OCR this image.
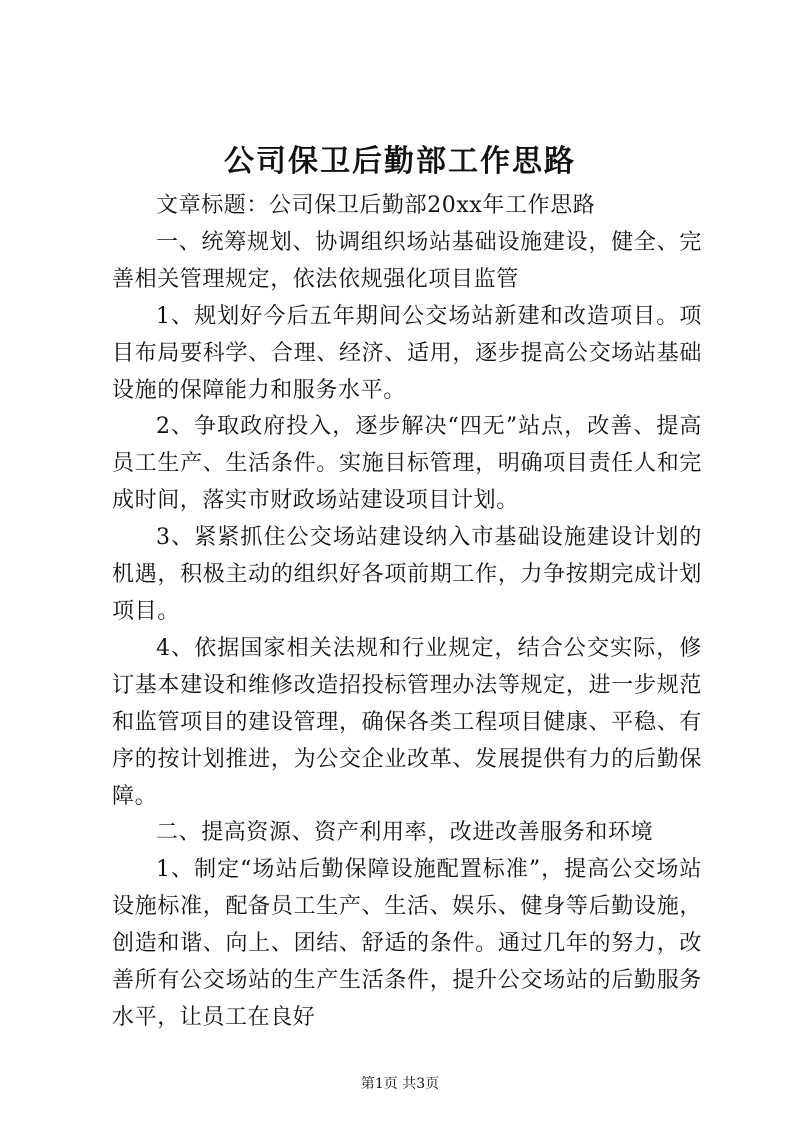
公司保卫后勤部工作思路

文章标题：公司保卫后勤部20xx年工作思路

一、统筹规划、协调组织场站基础设施建设，健全、完善相关管理规定，依法依规强化项目监管

1、规划好今后五年期间公交场站新建和改造项目。项目布局要科学、合理、经济、适用，逐步提高公交场站基础设施的保障能力和服务水平。

2、争取政府投入，逐步解决“四无”站点，改善、提高员工生产、生活条件。实施目标管理，明确项目责任人和完成时间，落实市财政场站建设项目计划。

3、紧紧抓住公交场站建设纳入市基础设施建设计划的机遇，积极主动的组织好各项前期工作，力争按期完成计划项目。

4、依据国家相关法规和行业规定，结合公交实际，修订基本建设和维修改造招投标管理办法等规定，进一步规范和监管项目的建设管理，确保各类工程项目健康、平稳、有序的按计划推进，为公交企业改革、发展提供有力的后勤保障。

二、提高资源、资产利用率，改进改善服务和环境

1、制定“场站后勤保障设施配置标准”，提高公交场站设施标准，配备员工生产、生活、娱乐、健身等后勤设施，创造和谐、向上、团结、舒适的条件。通过几年的努力，改善所有公交场站的生产生活条件，提升公交场站的后勤服务水平，让员工在良好

第1页 共3页
